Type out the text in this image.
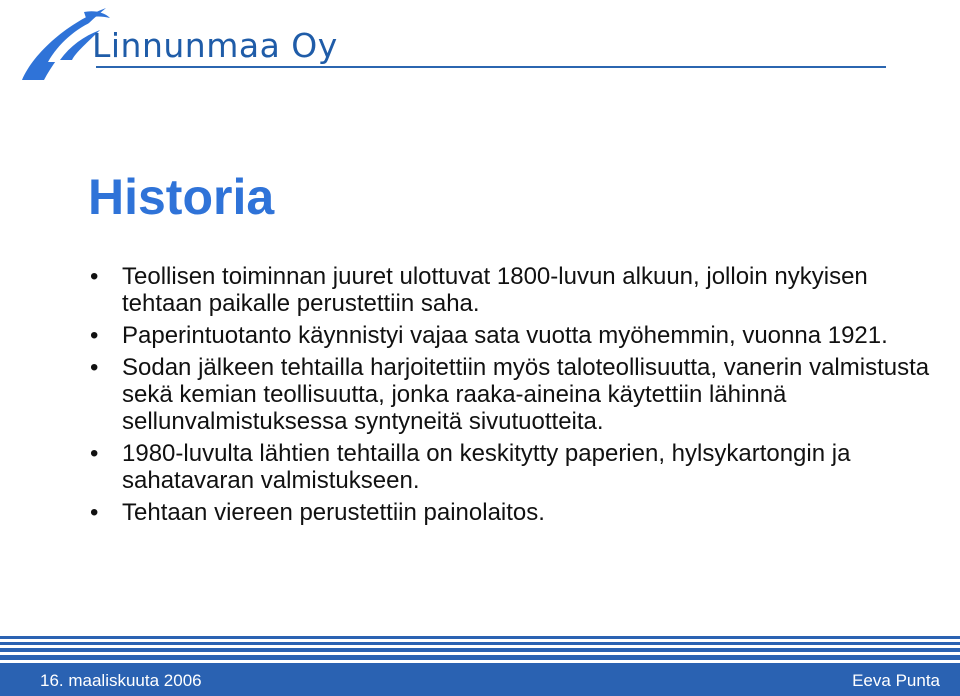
Linnunmaa Oy
Historia
• Teollisen toiminnan juuret ulottuvat 1800-luvun alkuun, jolloin nykyisen tehtaan paikalle perustettiin saha.
• Paperintuotanto käynnistyi vajaa sata vuotta myöhemmin, vuonna 1921.
• Sodan jälkeen tehtailla harjoitettiin myös taloteollisuutta, vanerin valmistusta sekä kemian teollisuutta, jonka raaka-aineina käytettiin lähinnä sellunvalmistuksessa syntyneitä sivutuotteita.
• 1980-luvulta lähtien tehtailla on keskitytty paperien, hylsykartongin ja sahatavaran valmistukseen.
• Tehtaan viereen perustettiin painolaitos.
16. maaliskuuta 2006	Eeva Punta
